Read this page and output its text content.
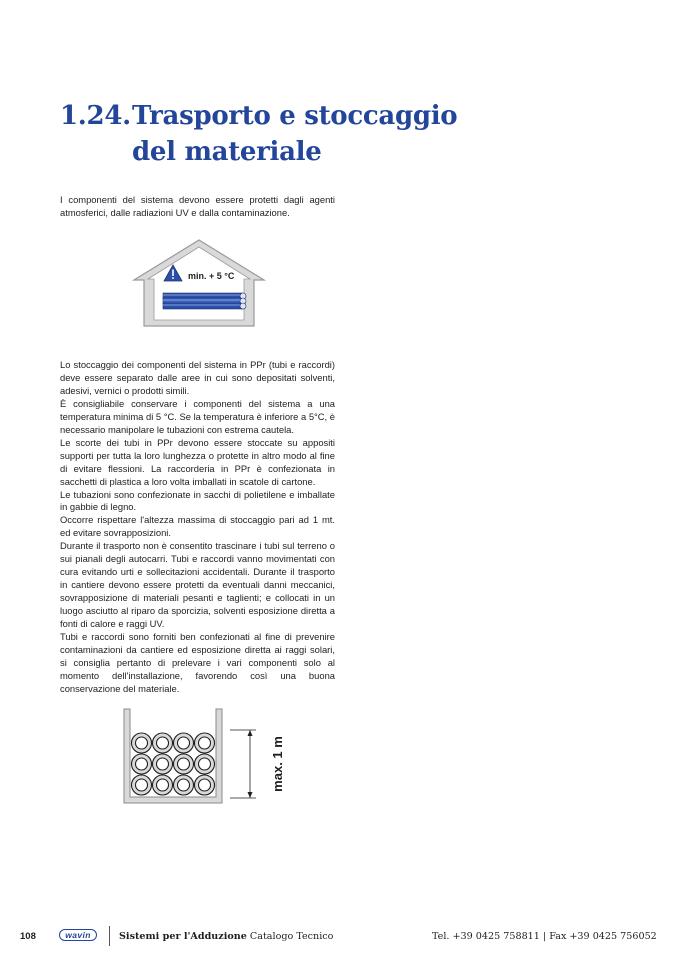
1.24.Trasporto e stoccaggio
del materiale
I componenti del sistema devono essere protetti dagli agenti atmosferici, dalle radiazioni UV e dalla contaminazione.
min. + 5 °C

Lo stoccaggio dei componenti del sistema in PPr (tubi e raccordi) deve essere separato dalle aree in cui sono depositati solventi, adesivi, vernici o prodotti simili.

È consigliabile conservare i componenti del sistema a una temperatura minima di 5 °C. Se la temperatura è inferiore a 5°C, è necessario manipolare le tubazioni con estrema cautela.

Le scorte dei tubi in PPr devono essere stoccate su appositi supporti per tutta la loro lunghezza o protette in altro modo al fine di evitare flessioni. La raccorderia in PPr è confezionata in sacchetti di plastica a loro volta imballati in scatole di cartone.

Le tubazioni sono confezionate in sacchi di polietilene e imballate in gabbie di legno.

Occorre rispettare l'altezza massima di stoccaggio pari ad 1 mt. ed evitare sovrapposizioni.

Durante il trasporto non è consentito trascinare i tubi sul terreno o sui pianali degli autocarri. Tubi e raccordi vanno movimentati con cura evitando urti e sollecitazioni accidentali. Durante il trasporto in cantiere devono essere protetti da eventuali danni meccanici, sovrapposizione di materiali pesanti e taglienti; e collocati in un luogo asciutto al riparo da sporcizia, solventi esposizione diretta a fonti di calore e raggi UV.

Tubi e raccordi sono forniti ben confezionati al fine di prevenire contaminazioni da cantiere ed esposizione diretta ai raggi solari, si consiglia pertanto di prelevare i vari componenti solo al momento dell'installazione, favorendo così una buona conservazione del materiale.

max. 1 m
108	wavin	Sistemi per l'Adduzione Catalogo Tecnico	Tel. +39 0425 758811 | Fax +39 0425 756052
